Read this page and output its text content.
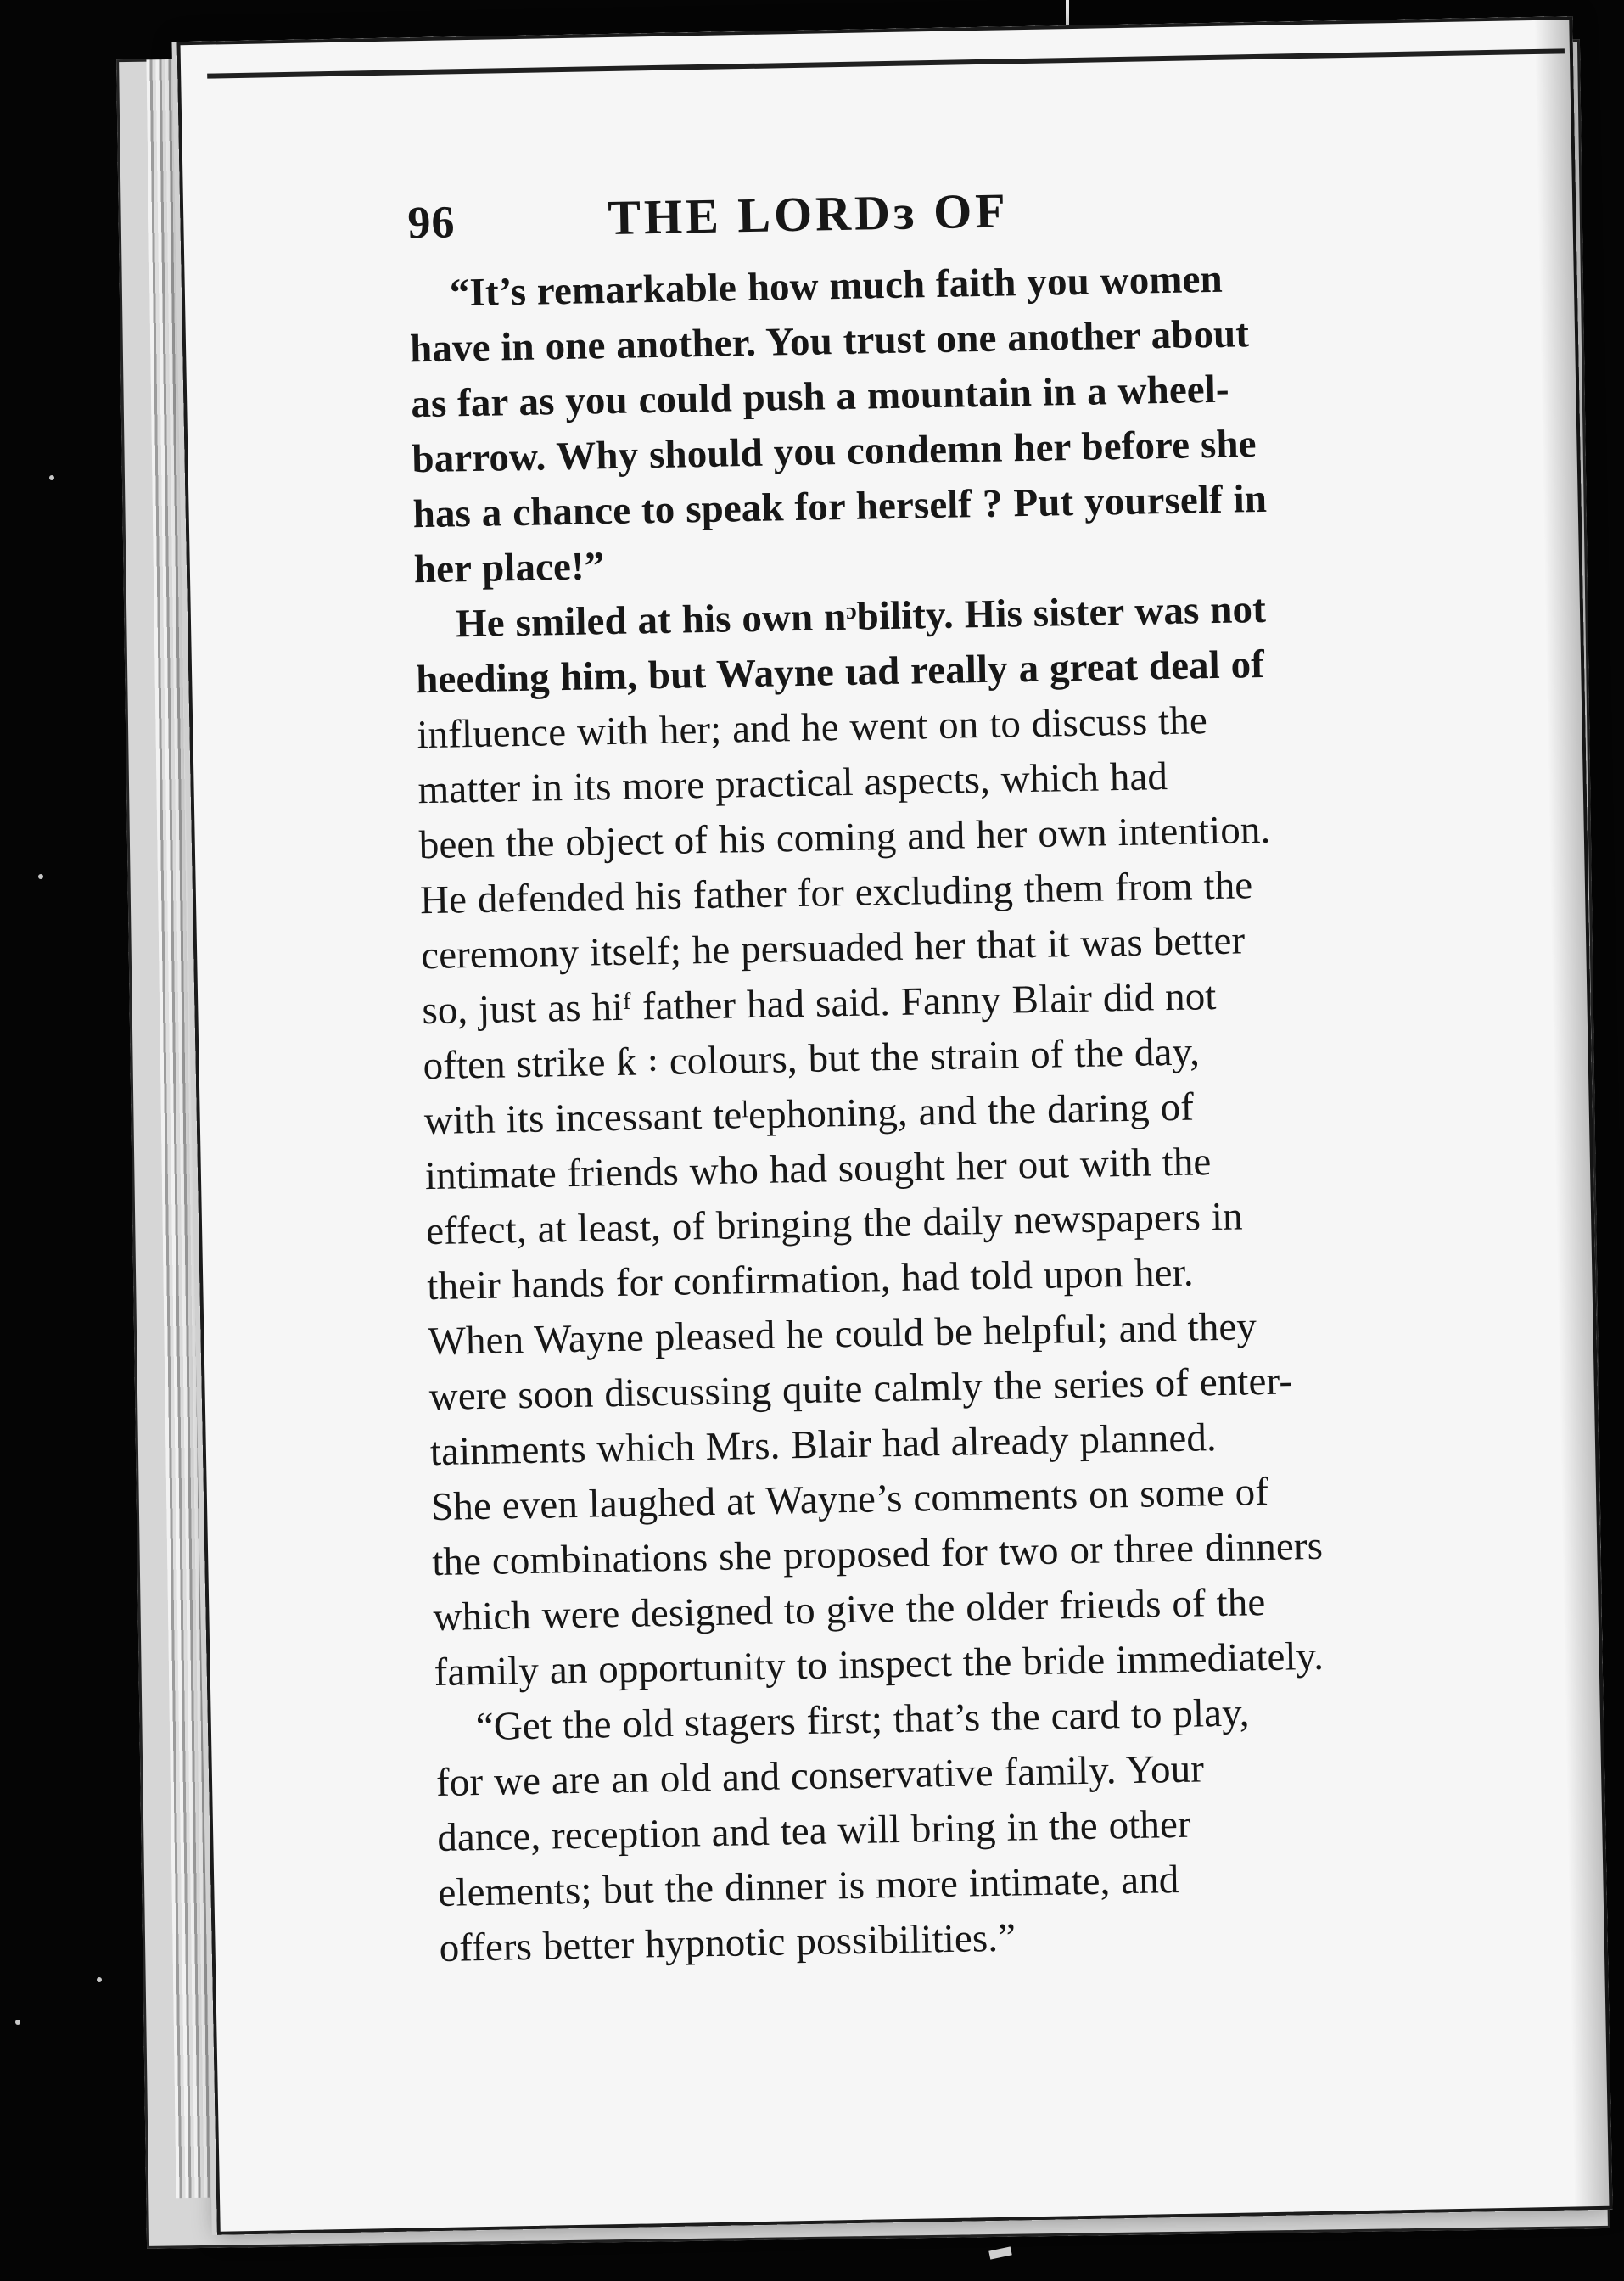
96	THE LORDɜ OF
“It’s remarkable how much faith you women
have in one another. You trust one another about
as far as you could push a mountain in a wheel-
barrow. Why should you condemn her before she
has a chance to speak for herself ? Put yourself in
her place!”
He smiled at his own nᵓbility. His sister was not
heeding him, but Wayne ɩad really a great deal of
influence with her; and he went on to discuss the
matter in its more practical aspects, which had
been the object of his coming and her own intention.
He defended his father for excluding them from the
ceremony itself; he persuaded her that it was better
so, just as hiᶠ father had said. Fanny Blair did not
often strike ƙ ꞉ colours, but the strain of the day,
with its incessant teˡephoning, and the daring of
intimate friends who had sought her out with the
effect, at least, of bringing the daily newspapers in
their hands for confirmation, had told upon her.
When Wayne pleased he could be helpful; and they
were soon discussing quite calmly the series of enter-
tainments which Mrs. Blair had already planned.
She even laughed at Wayne’s comments on some of
the combinations she proposed for two or three dinners
which were designed to give the older frieɩds of the
family an opportunity to inspect the bride immediately.
“Get the old stagers first; that’s the card to play,
for we are an old and conservative family. Your
dance, reception and tea will bring in the other
elements; but the dinner is more intimate, and
offers better hypnotic possibilities.”
